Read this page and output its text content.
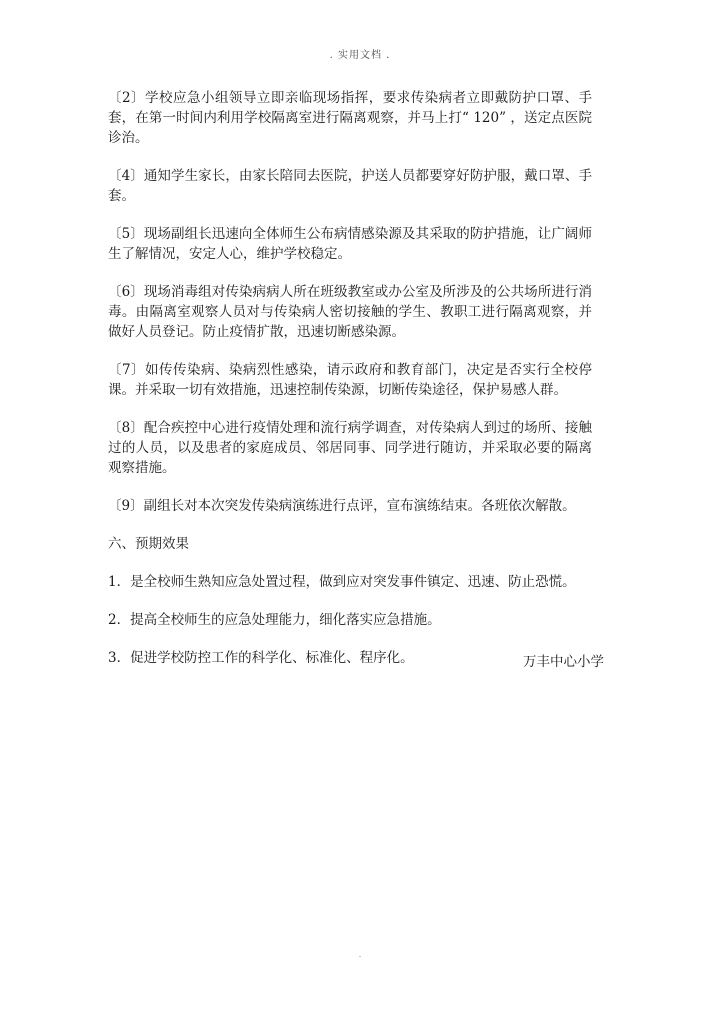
. 实用文档 .

〔2〕学校应急小组领导立即亲临现场指挥，要求传染病者立即戴防护口罩、手套，在第一时间内利用学校隔离室进行隔离观察，并马上打“ 120” ，送定点医院诊治。

〔4〕通知学生家长，由家长陪同去医院，护送人员都要穿好防护服，戴口罩、手套。

〔5〕现场副组长迅速向全体师生公布病情感染源及其采取的防护措施，让广阔师生了解情况，安定人心，维护学校稳定。

〔6〕现场消毒组对传染病病人所在班级教室或办公室及所涉及的公共场所进行消毒。由隔离室观察人员对与传染病人密切接触的学生、教职工进行隔离观察，并做好人员登记。防止疫情扩散，迅速切断感染源。

〔7〕如传传染病、染病烈性感染，请示政府和教育部门，决定是否实行全校停课。并采取一切有效措施，迅速控制传染源，切断传染途径，保护易感人群。

〔8〕配合疾控中心进行疫情处理和流行病学调查，对传染病人到过的场所、接触过的人员，以及患者的家庭成员、邻居同事、同学进行随访，并采取必要的隔离观察措施。

〔9〕副组长对本次突发传染病演练进行点评，宣布演练结束。各班依次解散。

六、预期效果

1．是全校师生熟知应急处置过程，做到应对突发事件镇定、迅速、防止恐慌。

2．提高全校师生的应急处理能力，细化落实应急措施。

3．促进学校防控工作的科学化、标准化、程序化。	万丰中心小学
.
